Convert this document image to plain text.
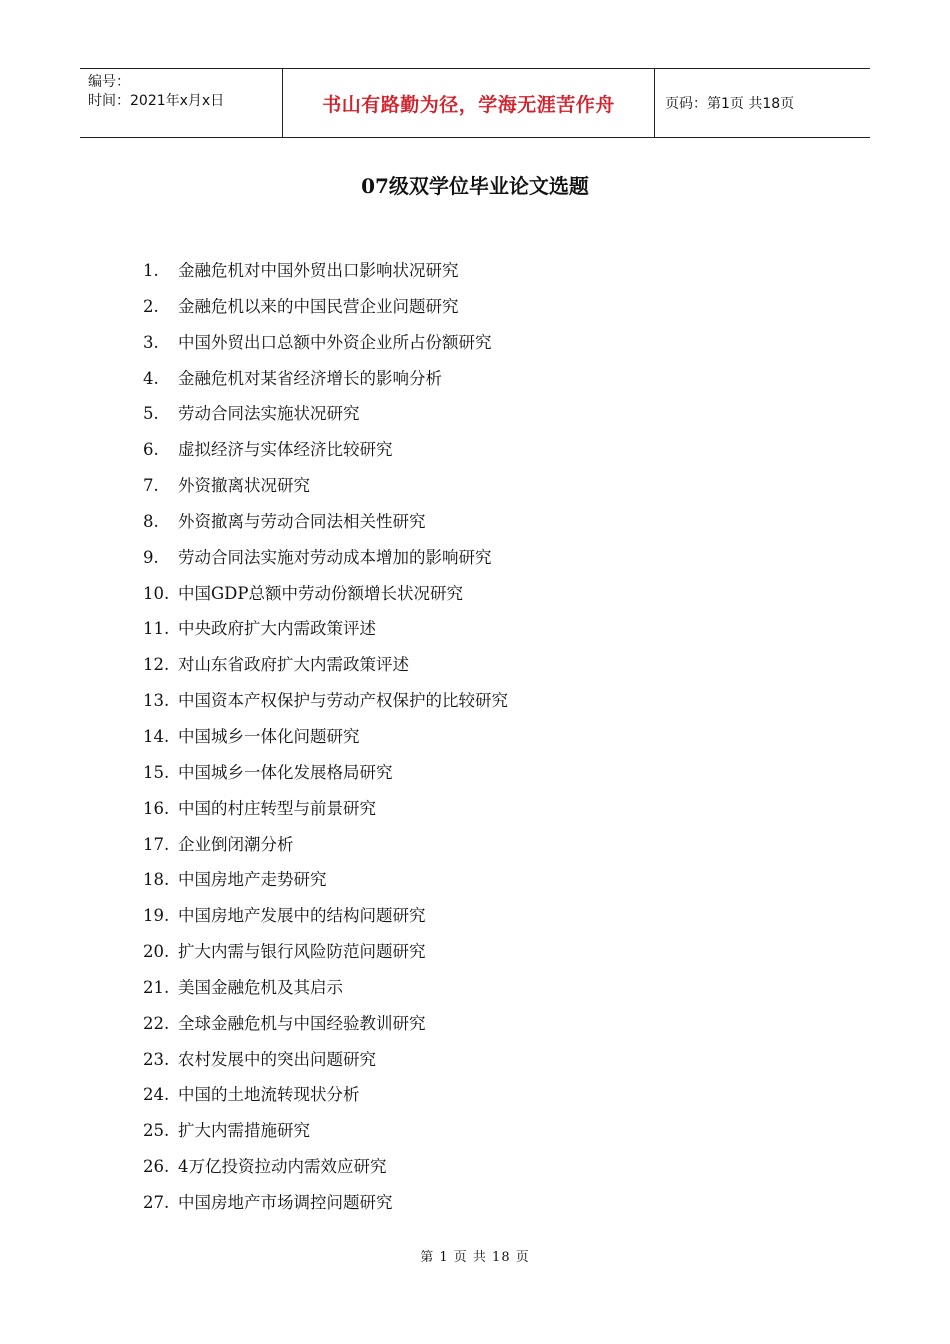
编号：
时间：2021年x月x日	书山有路勤为径，学海无涯苦作舟	页码：第1页 共18页
07级双学位毕业论文选题
1. 金融危机对中国外贸出口影响状况研究
2. 金融危机以来的中国民营企业问题研究
3. 中国外贸出口总额中外资企业所占份额研究
4. 金融危机对某省经济增长的影响分析
5. 劳动合同法实施状况研究
6. 虚拟经济与实体经济比较研究
7. 外资撤离状况研究
8. 外资撤离与劳动合同法相关性研究
9. 劳动合同法实施对劳动成本增加的影响研究
10. 中国GDP总额中劳动份额增长状况研究
11. 中央政府扩大内需政策评述
12. 对山东省政府扩大内需政策评述
13. 中国资本产权保护与劳动产权保护的比较研究
14. 中国城乡一体化问题研究
15. 中国城乡一体化发展格局研究
16. 中国的村庄转型与前景研究
17. 企业倒闭潮分析
18. 中国房地产走势研究
19. 中国房地产发展中的结构问题研究
20. 扩大内需与银行风险防范问题研究
21. 美国金融危机及其启示
22. 全球金融危机与中国经验教训研究
23. 农村发展中的突出问题研究
24. 中国的土地流转现状分析
25. 扩大内需措施研究
26. 4万亿投资拉动内需效应研究
27. 中国房地产市场调控问题研究
第 1 页 共 18 页
